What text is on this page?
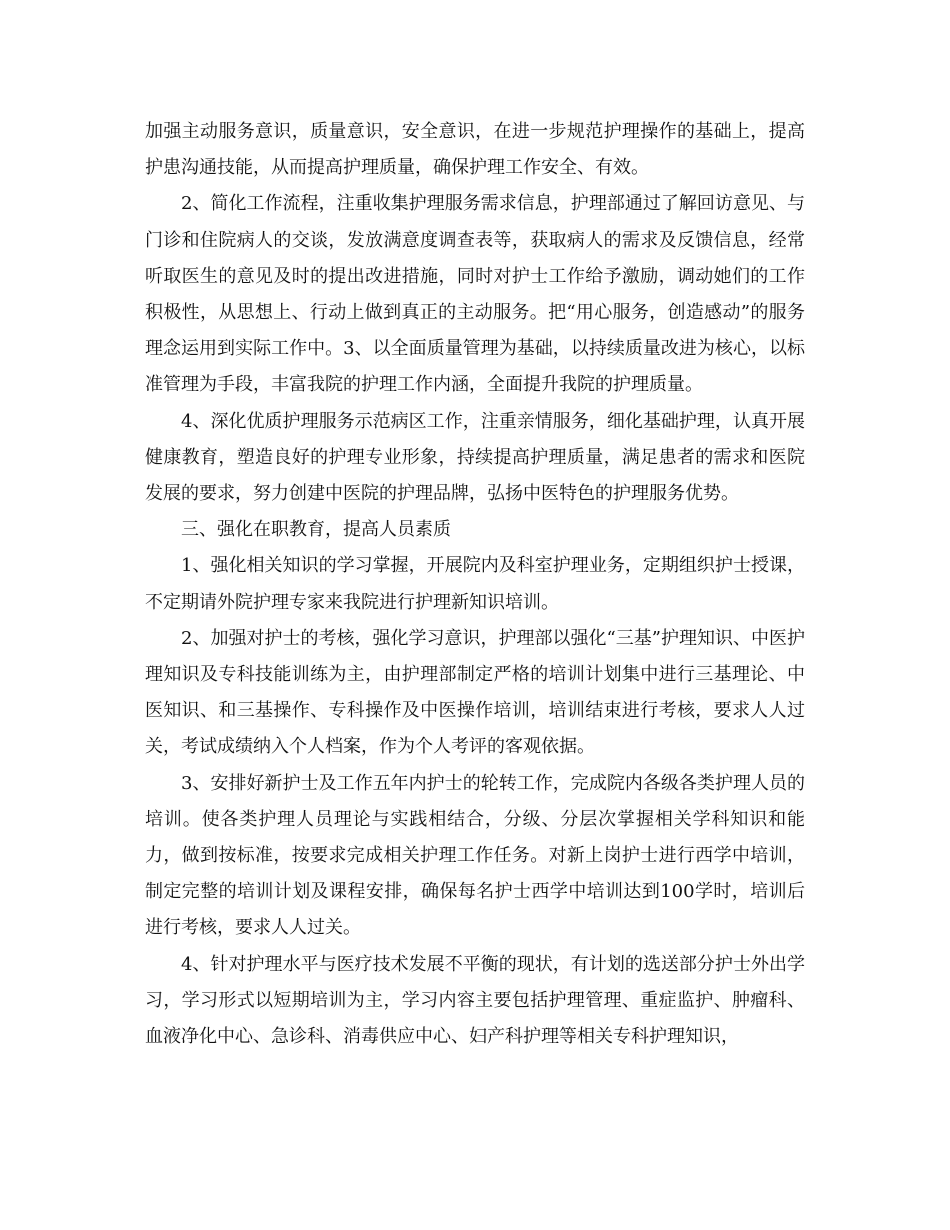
加强主动服务意识，质量意识，安全意识，在进一步规范护理操作的基础上，提高护患沟通技能，从而提高护理质量，确保护理工作安全、有效。

2、简化工作流程，注重收集护理服务需求信息，护理部通过了解回访意见、与门诊和住院病人的交谈，发放满意度调查表等，获取病人的需求及反馈信息，经常听取医生的意见及时的提出改进措施，同时对护士工作给予激励，调动她们的工作积极性，从思想上、行动上做到真正的主动服务。把“用心服务，创造感动”的服务理念运用到实际工作中。3、以全面质量管理为基础，以持续质量改进为核心，以标准管理为手段，丰富我院的护理工作内涵，全面提升我院的护理质量。

4、深化优质护理服务示范病区工作，注重亲情服务，细化基础护理，认真开展健康教育，塑造良好的护理专业形象，持续提高护理质量，满足患者的需求和医院发展的要求，努力创建中医院的护理品牌，弘扬中医特色的护理服务优势。

三、强化在职教育，提高人员素质

1、强化相关知识的学习掌握，开展院内及科室护理业务，定期组织护士授课，不定期请外院护理专家来我院进行护理新知识培训。

2、加强对护士的考核，强化学习意识，护理部以强化“三基”护理知识、中医护理知识及专科技能训练为主，由护理部制定严格的培训计划集中进行三基理论、中医知识、和三基操作、专科操作及中医操作培训，培训结束进行考核，要求人人过关，考试成绩纳入个人档案，作为个人考评的客观依据。

3、安排好新护士及工作五年内护士的轮转工作，完成院内各级各类护理人员的培训。使各类护理人员理论与实践相结合，分级、分层次掌握相关学科知识和能力，做到按标准，按要求完成相关护理工作任务。对新上岗护士进行西学中培训，制定完整的培训计划及课程安排，确保每名护士西学中培训达到100学时，培训后进行考核，要求人人过关。

4、针对护理水平与医疗技术发展不平衡的现状，有计划的选送部分护士外出学习，学习形式以短期培训为主，学习内容主要包括护理管理、重症监护、肿瘤科、血液净化中心、急诊科、消毒供应中心、妇产科护理等相关专科护理知识，
